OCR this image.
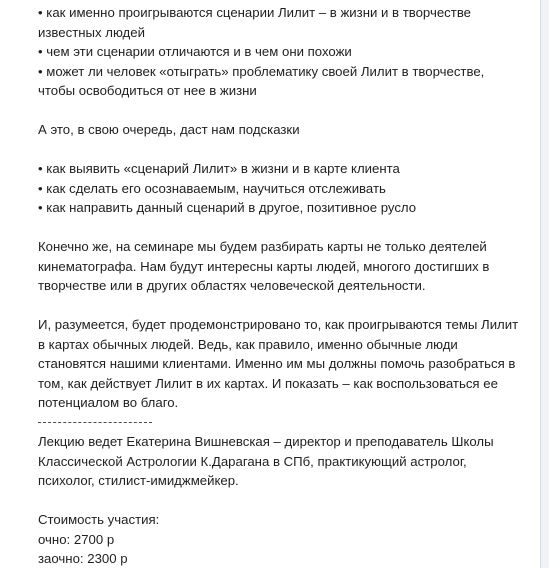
• как именно проигрываются сценарии Лилит – в жизни и в творчестве
известных людей
• чем эти сценарии отличаются и в чем они похожи
• может ли человек «отыграть» проблематику своей Лилит в творчестве,
чтобы освободиться от нее в жизни
А это, в свою очередь, даст нам подсказки
• как выявить «сценарий Лилит» в жизни и в карте клиента
• как сделать его осознаваемым, научиться отслеживать
• как направить данный сценарий в другое, позитивное русло
Конечно же, на семинаре мы будем разбирать карты не только деятелей
кинематографа. Нам будут интересны карты людей, многого достигших в
творчестве или в других областях человеческой деятельности.
И, разумеется, будет продемонстрировано то, как проигрываются темы Лилит
в картах обычных людей. Ведь, как правило, именно обычные люди
становятся нашими клиентами. Именно им мы должны помочь разобраться в
том, как действует Лилит в их картах. И показать – как воспользоваться ее
потенциалом во благо.
Лекцию ведет Екатерина Вишневская – директор и преподаватель Школы
Классической Астрологии К.Дарагана в СПб, практикующий астролог,
психолог, стилист-имиджмейкер.
Стоимость участия:
очно: 2700 р
заочно: 2300 р
